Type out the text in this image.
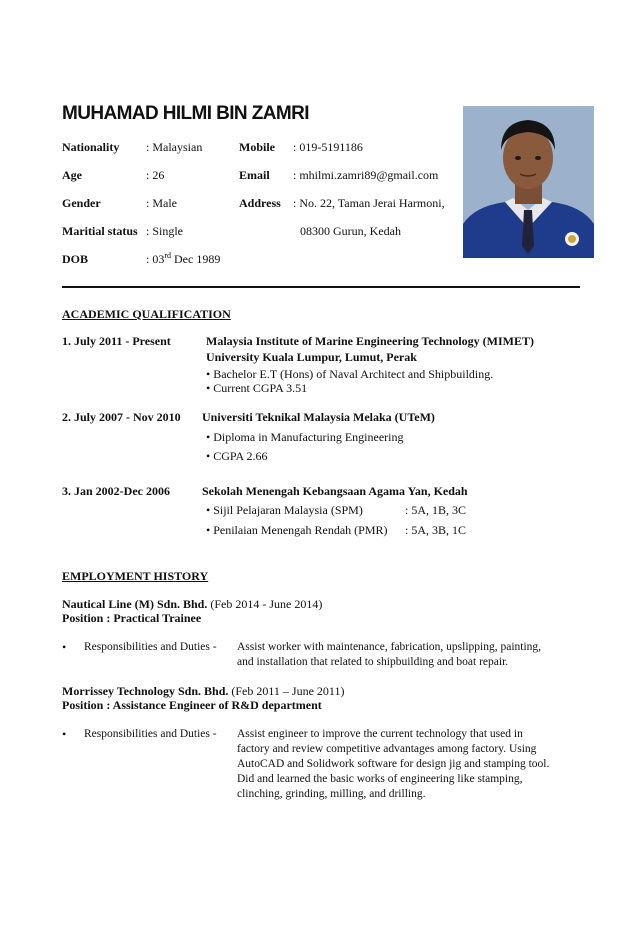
MUHAMAD HILMI BIN ZAMRI
Nationality : Malaysian	Mobile : 019-5191186
Age	: 26	Email : mhilmi.zamri89@gmail.com
Gender	: Male	Address : No. 22, Taman Jerai Harmoni,
Maritial status : Single	08300 Gurun, Kedah
DOB	: 03rd Dec 1989
ACADEMIC QUALIFICATION
1. July 2011 - Present	Malaysia Institute of Marine Engineering Technology (MIMET)
University Kuala Lumpur, Lumut, Perak
• Bachelor E.T (Hons) of Naval Architect and Shipbuilding.
• Current CGPA 3.51
2. July 2007 - Nov 2010 Universiti Teknikal Malaysia Melaka (UTeM)
• Diploma in Manufacturing Engineering
• CGPA 2.66
3. Jan 2002-Dec 2006	Sekolah Menengah Kebangsaan Agama Yan, Kedah
• Sijil Pelajaran Malaysia (SPM)	: 5A, 1B, 3C
• Penilaian Menengah Rendah (PMR) : 5A, 3B, 1C
EMPLOYMENT HISTORY
Nautical Line (M) Sdn. Bhd. (Feb 2014 - June 2014)
Position : Practical Trainee
• Responsibilities and Duties - Assist worker with maintenance, fabrication, upslipping, painting,
and installation that related to shipbuilding and boat repair.
Morrissey Technology Sdn. Bhd. (Feb 2011 – June 2011)
Position : Assistance Engineer of R&D department
• Responsibilities and Duties - Assist engineer to improve the current technology that used in
factory and review competitive advantages among factory. Using
AutoCAD and Solidwork software for design jig and stamping tool.
Did and learned the basic works of engineering like stamping,
clinching, grinding, milling, and drilling.
